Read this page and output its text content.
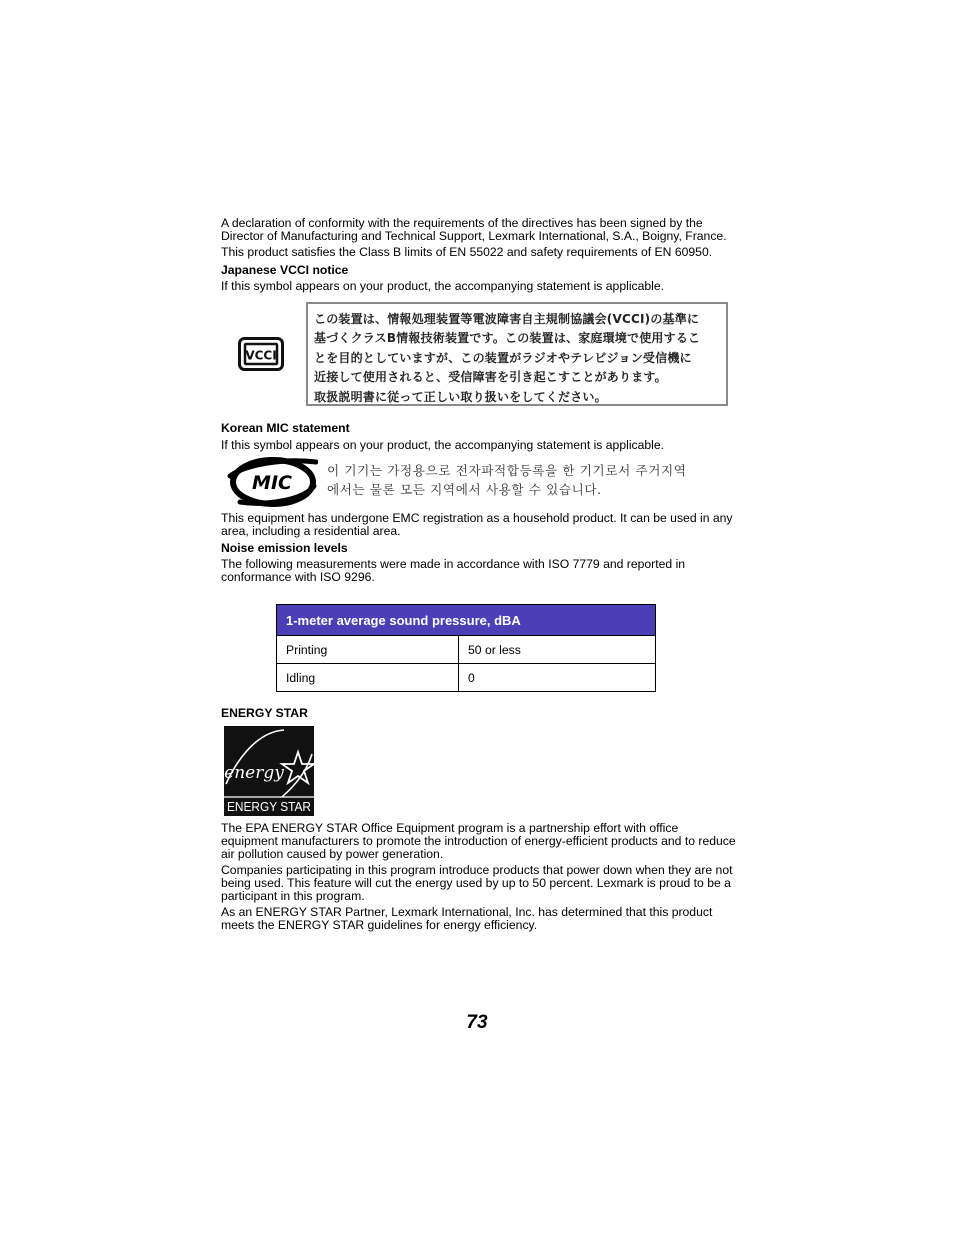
A declaration of conformity with the requirements of the directives has been signed by the Director of Manufacturing and Technical Support, Lexmark International, S.A., Boigny, France.

This product satisfies the Class B limits of EN 55022 and safety requirements of EN 60950.

Japanese VCCI notice

If this symbol appears on your product, the accompanying statement is applicable.

VCCI
この装置は、情報処理装置等電波障害自主規制協議会(VCCI)の基準に
基づくクラスB情報技術装置です。この装置は、家庭環境で使用するこ
とを目的としていますが、この装置がラジオやテレビジョン受信機に
近接して使用されると、受信障害を引き起こすことがあります。
取扱説明書に従って正しい取り扱いをしてください。
Korean MIC statement

If this symbol appears on your product, the accompanying statement is applicable.

MIC
이 기기는 가정용으로 전자파적합등록을 한 기기로서 주거지역
에서는 물론 모든 지역에서 사용할 수 있습니다.

This equipment has undergone EMC registration as a household product. It can be used in any area, including a residential area.

Noise emission levels

The following measurements were made in accordance with ISO 7779 and reported in conformance with ISO 9296.

1-meter average sound pressure, dBA	
Printing	50 or less
Idling	0
ENERGY STAR
energy
ENERGY STAR

The EPA ENERGY STAR Office Equipment program is a partnership effort with office equipment manufacturers to promote the introduction of energy-efficient products and to reduce air pollution caused by power generation.

Companies participating in this program introduce products that power down when they are not being used. This feature will cut the energy used by up to 50 percent. Lexmark is proud to be a participant in this program.

As an ENERGY STAR Partner, Lexmark International, Inc. has determined that this product meets the ENERGY STAR guidelines for energy efficiency.

73
